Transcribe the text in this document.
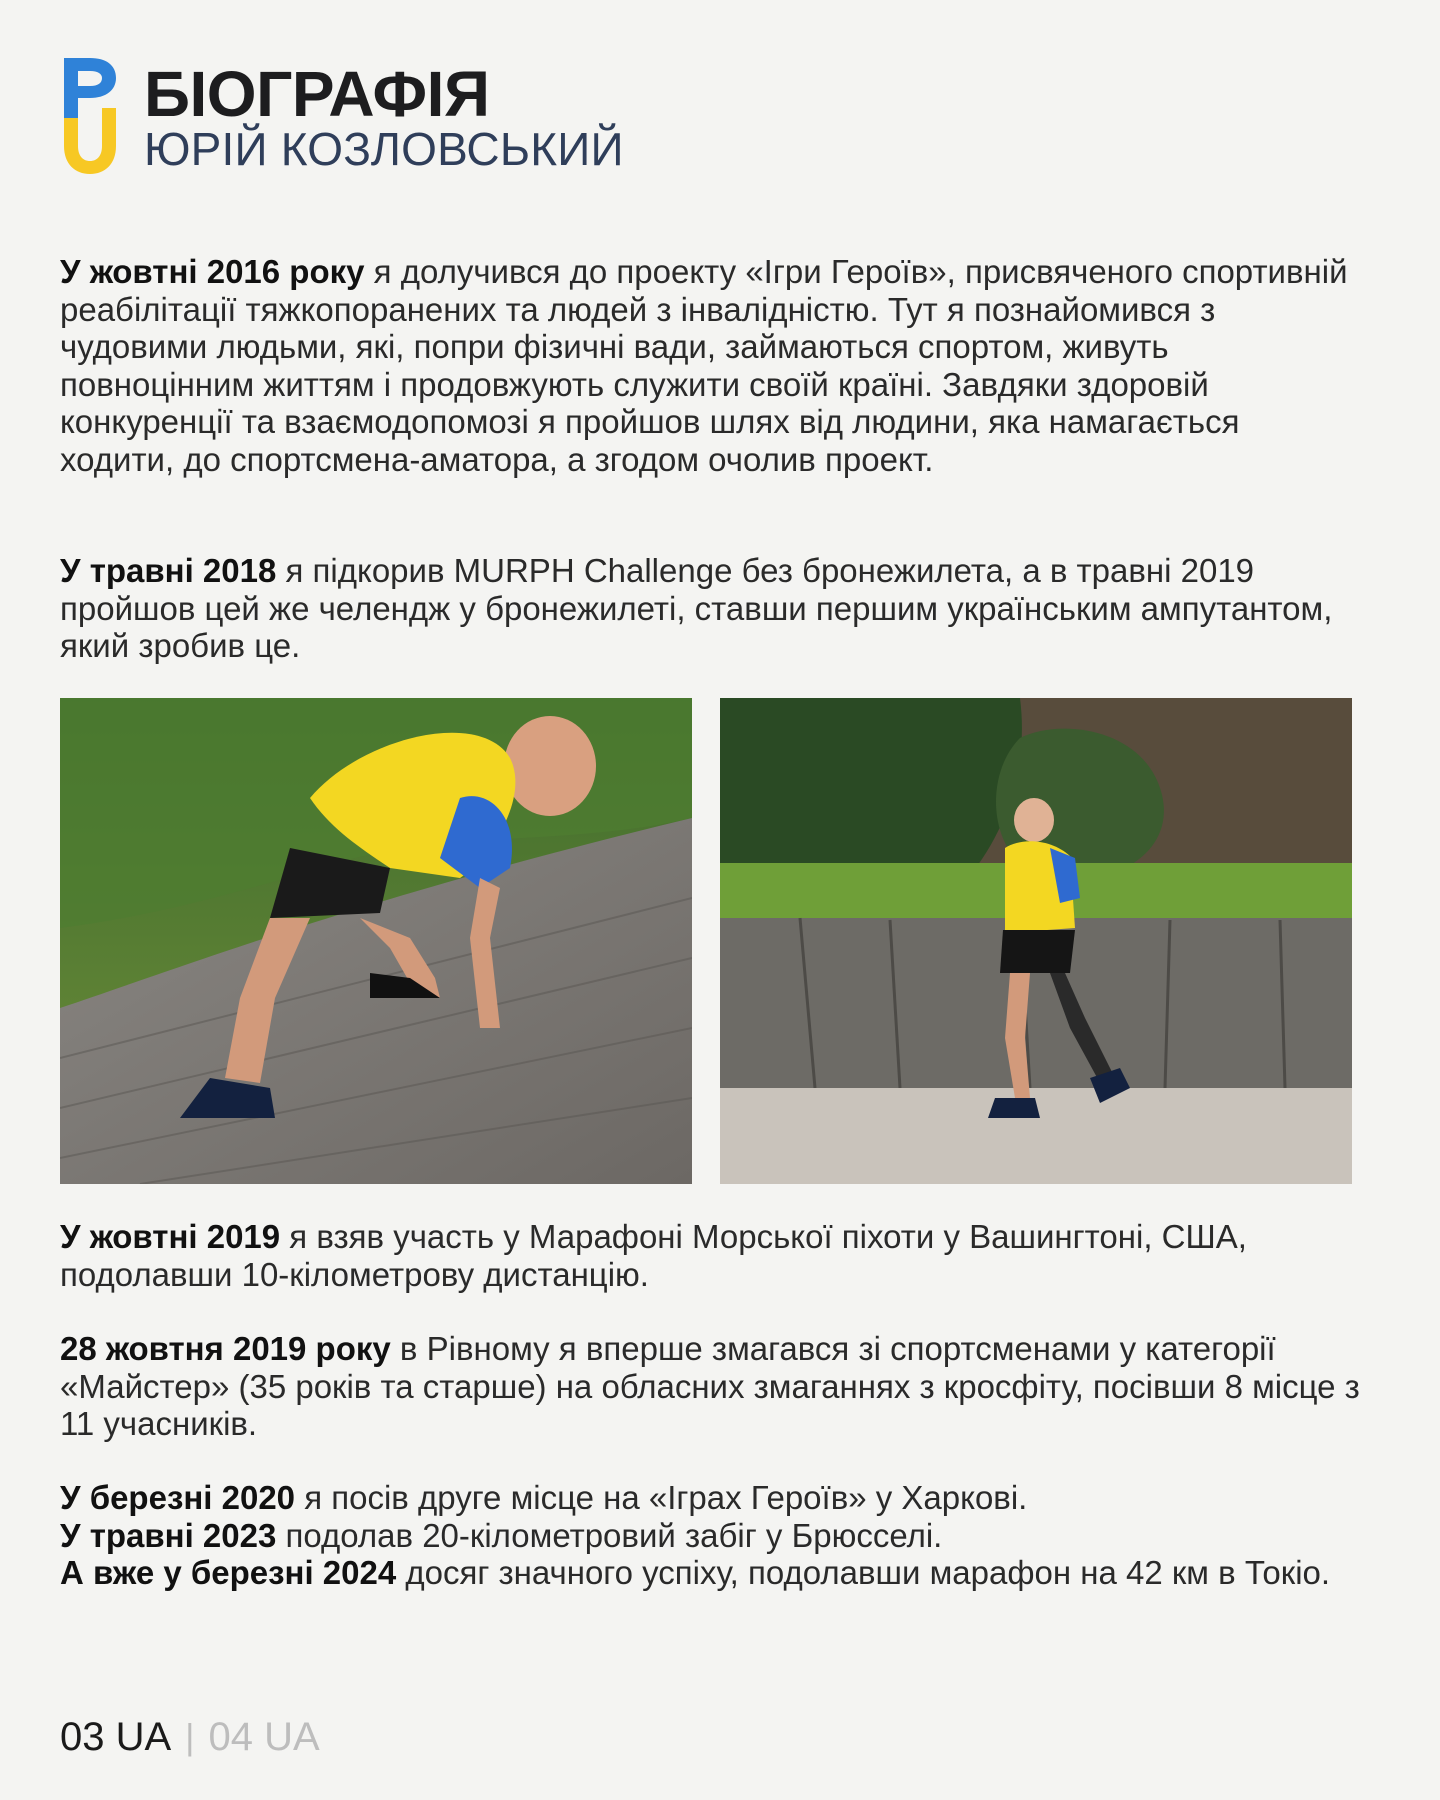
БІОГРАФІЯ
ЮРІЙ КОЗЛОВСЬКИЙ

У жовтні 2016 року я долучився до проекту «Ігри Героїв», присвяченого спортивній реабілітації тяжкопоранених та людей з інвалідністю. Тут я познайомився з чудовими людьми, які, попри фізичні вади, займаються спортом, живуть повноцінним життям і продовжують служити своїй країні. Завдяки здоровій конкуренції та взаємодопомозі я пройшов шлях від людини, яка намагається ходити, до спортсмена-аматора, а згодом очолив проект.

У травні 2018 я підкорив MURPH Challenge без бронежилета, а в травні 2019 пройшов цей же челендж у бронежилеті, ставши першим українським ампутантом, який зробив це.

У жовтні 2019 я взяв участь у Марафоні Морської піхоти у Вашингтоні, США, подолавши 10-кілометрову дистанцію.

28 жовтня 2019 року в Рівному я вперше змагався зі спортсменами у категорії «Майстер» (35 років та старше) на обласних змаганнях з кросфіту, посівши 8 місце з 11 учасників.

У березні 2020 я посів друге місце на «Іграх Героїв» у Харкові.
У травні 2023 подолав 20-кілометровий забіг у Брюсселі.
А вже у березні 2024 досяг значного успіху, подолавши марафон на 42 км в Токіо.
03 UA | 04 UA
